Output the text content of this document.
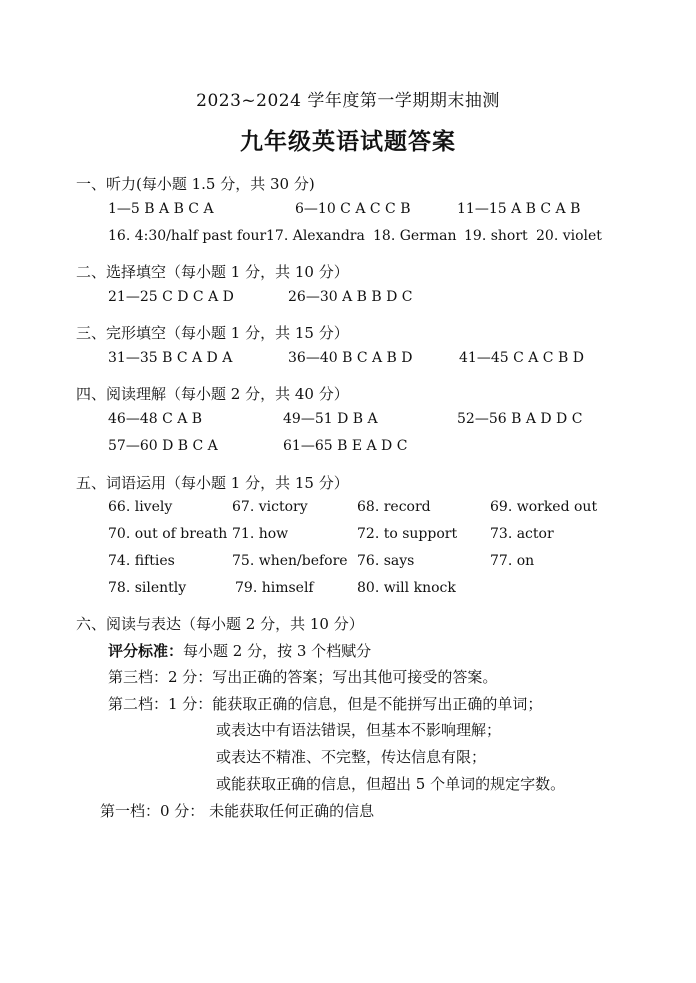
2023~2024 学年度第一学期期末抽测
九年级英语试题答案
一、听力(每小题 1.5 分，共 30 分)
1—5 B A B C A	6—10 C A C C B	11—15 A B C A B
16. 4:30/half past four 17. Alexandra 18. German 19. short 20. violet
二、选择填空（每小题 1 分，共 10 分）
21—25 C D C A D	26—30 A B B D C
三、完形填空（每小题 1 分，共 15 分）
31—35 B C A D A	36—40 B C A B D	41—45 C A C B D
四、阅读理解（每小题 2 分，共 40 分）
46—48 C A B	49—51 D B A	52—56 B A D D C
57—60 D B C A	61—65 B E A D C
五、词语运用（每小题 1 分，共 15 分）
66. lively	67. victory	68. record	69. worked out
70. out of breath 71. how	72. to support 73. actor
74. fifties	75. when/before 76. says	77. on
78. silently	79. himself	80. will knock
六、阅读与表达（每小题 2 分，共 10 分）
评分标准：每小题 2 分，按 3 个档赋分
第三档：2 分：写出正确的答案；写出其他可接受的答案。
第二档：1 分：能获取正确的信息，但是不能拼写出正确的单词；
或表达中有语法错误，但基本不影响理解；
或表达不精准、不完整，传达信息有限；
或能获取正确的信息，但超出 5 个单词的规定字数。
第一档：0 分： 未能获取任何正确的信息
